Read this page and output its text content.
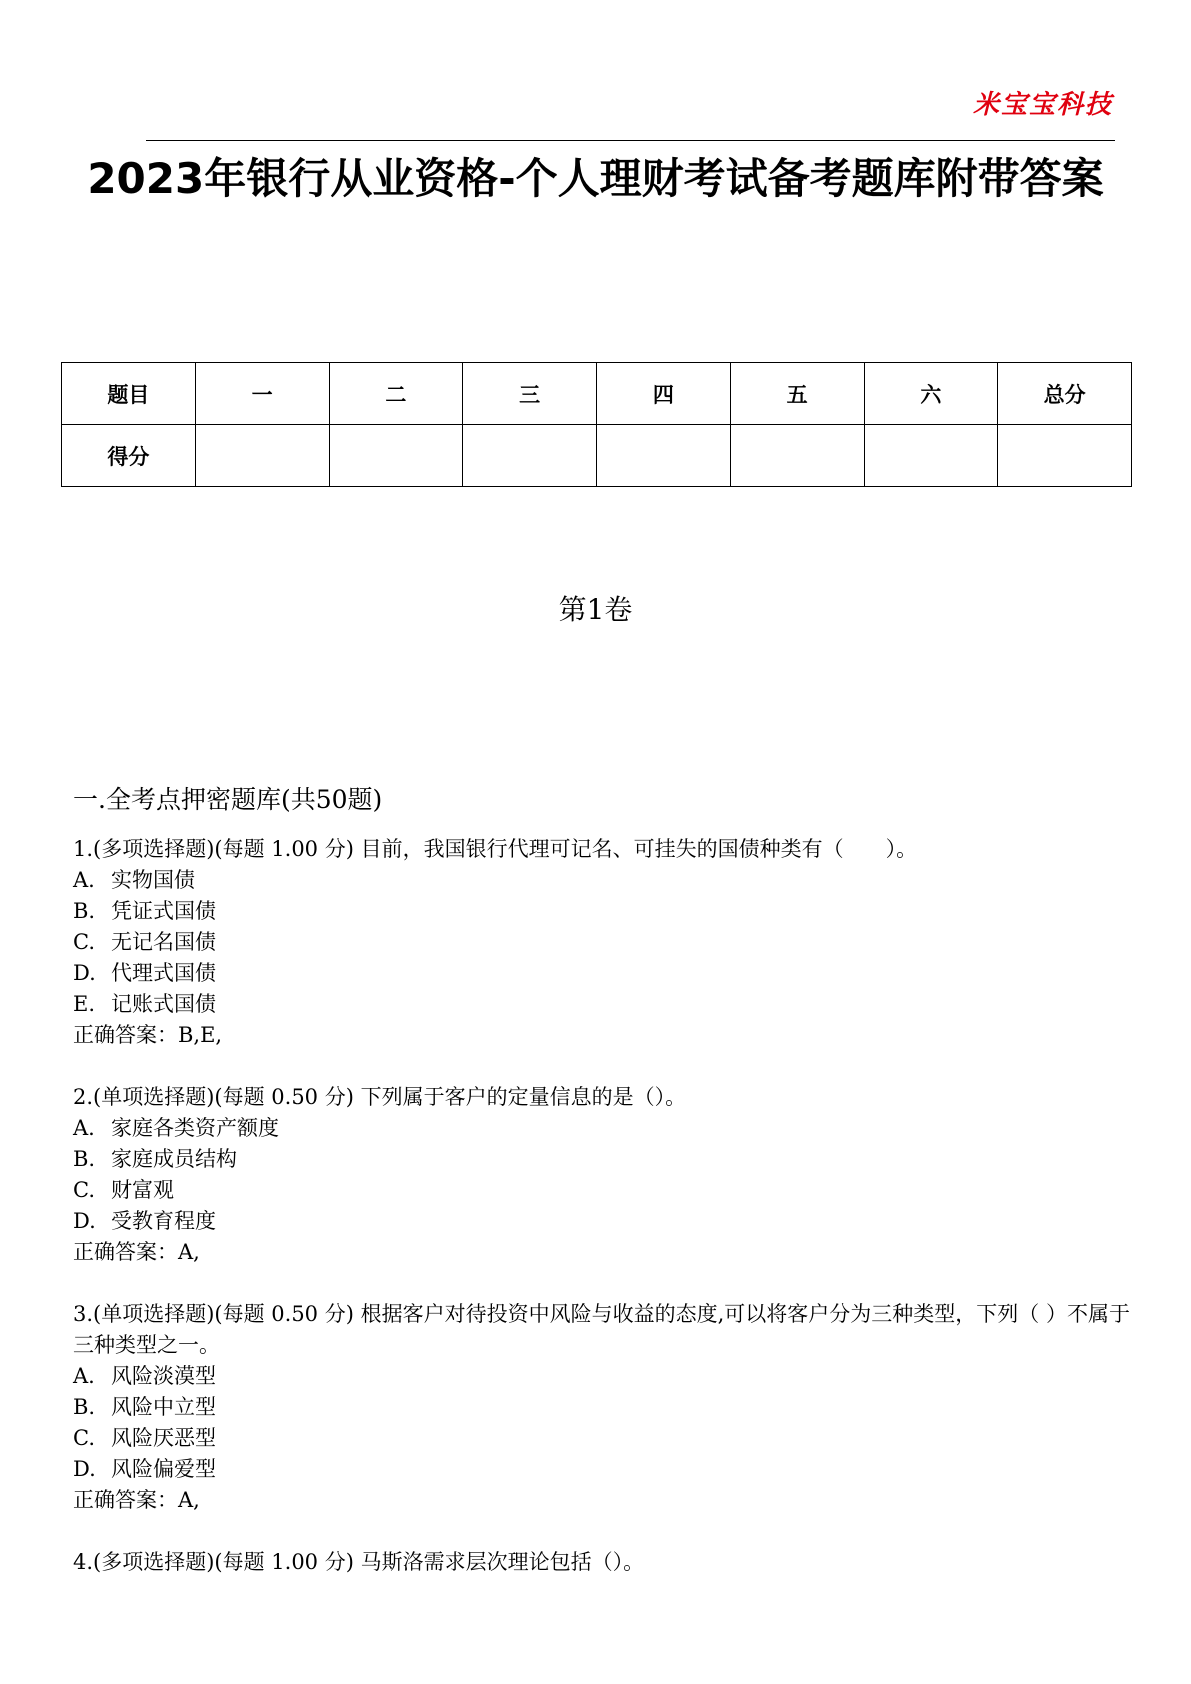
米宝宝科技
2023年银行从业资格-个人理财考试备考题库附带答案
题目	一	二	三	四	五	六	总分
得分							
第1卷
一.全考点押密题库(共50题)
1.(多项选择题)(每题 1.00 分) 目前，我国银行代理可记名、可挂失的国债种类有（　　）。
A. 实物国债
B. 凭证式国债
C. 无记名国债
D. 代理式国债
E. 记账式国债
正确答案：B,E,
2.(单项选择题)(每题 0.50 分) 下列属于客户的定量信息的是（）。
A. 家庭各类资产额度
B. 家庭成员结构
C. 财富观
D. 受教育程度
正确答案：A,
3.(单项选择题)(每题 0.50 分) 根据客户对待投资中风险与收益的态度,可以将客户分为三种类型，下列（ ）不属于三种类型之一。
A. 风险淡漠型
B. 风险中立型
C. 风险厌恶型
D. 风险偏爱型
正确答案：A,
4.(多项选择题)(每题 1.00 分) 马斯洛需求层次理论包括（）。
